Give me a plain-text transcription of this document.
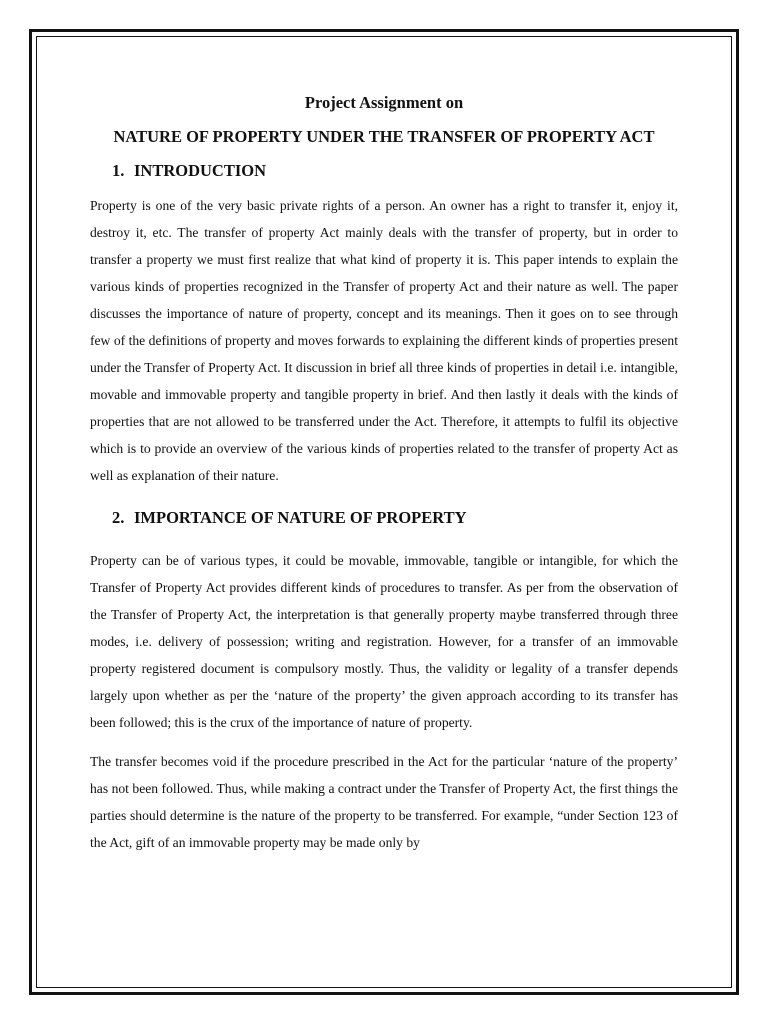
Project Assignment on

NATURE OF PROPERTY UNDER THE TRANSFER OF PROPERTY ACT

1. INTRODUCTION

Property is one of the very basic private rights of a person. An owner has a right to transfer it, enjoy it, destroy it, etc. The transfer of property Act mainly deals with the transfer of property, but in order to transfer a property we must first realize that what kind of property it is. This paper intends to explain the various kinds of properties recognized in the Transfer of property Act and their nature as well. The paper discusses the importance of nature of property, concept and its meanings. Then it goes on to see through few of the definitions of property and moves forwards to explaining the different kinds of properties present under the Transfer of Property Act. It discussion in brief all three kinds of properties in detail i.e. intangible, movable and immovable property and tangible property in brief. And then lastly it deals with the kinds of properties that are not allowed to be transferred under the Act. Therefore, it attempts to fulfil its objective which is to provide an overview of the various kinds of properties related to the transfer of property Act as well as explanation of their nature.

2. IMPORTANCE OF NATURE OF PROPERTY

Property can be of various types, it could be movable, immovable, tangible or intangible, for which the Transfer of Property Act provides different kinds of procedures to transfer. As per from the observation of the Transfer of Property Act, the interpretation is that generally property maybe transferred through three modes, i.e. delivery of possession; writing and registration. However, for a transfer of an immovable property registered document is compulsory mostly. Thus, the validity or legality of a transfer depends largely upon whether as per the ‘nature of the property’ the given approach according to its transfer has been followed; this is the crux of the importance of nature of property.

The transfer becomes void if the procedure prescribed in the Act for the particular ‘nature of the property’ has not been followed. Thus, while making a contract under the Transfer of Property Act, the first things the parties should determine is the nature of the property to be transferred. For example, “under Section 123 of the Act, gift of an immovable property may be made only by
